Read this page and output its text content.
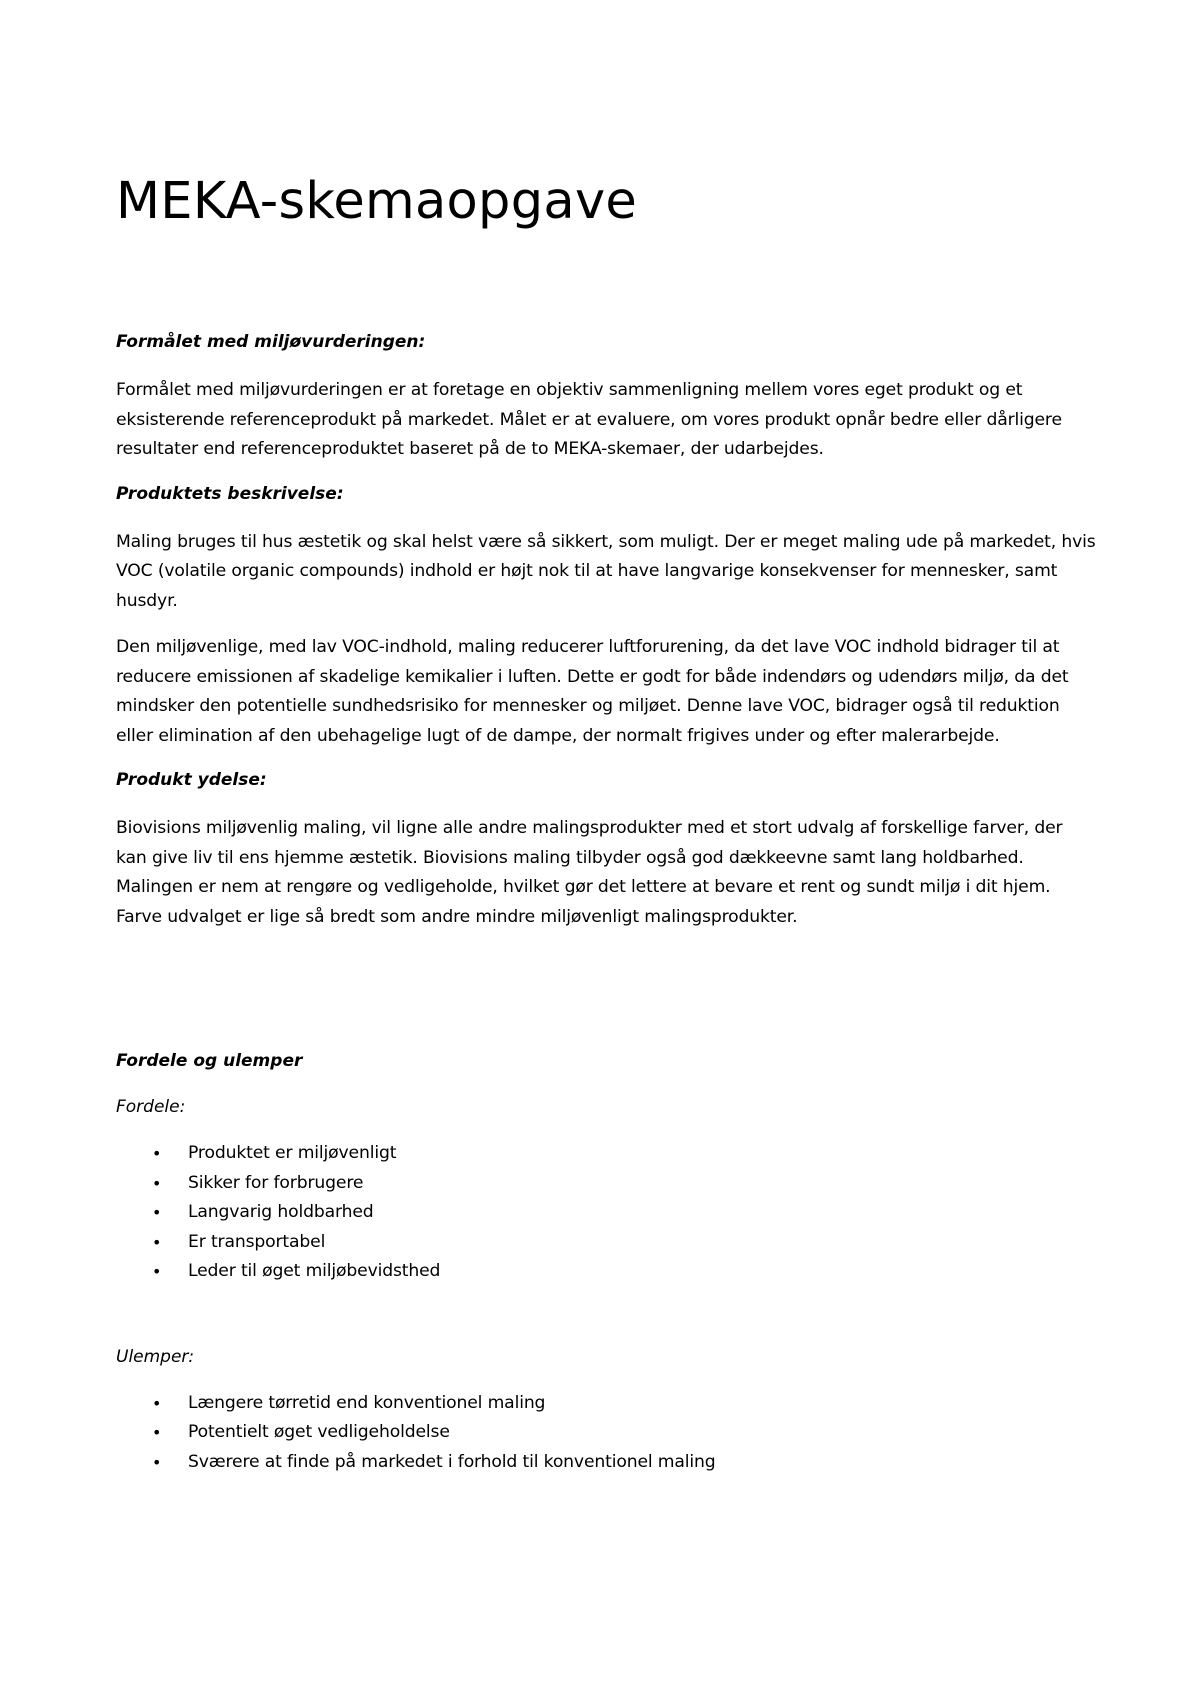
MEKA-skemaopgave
Formålet med miljøvurderingen:

Formålet med miljøvurderingen er at foretage en objektiv sammenligning mellem vores eget produkt og et eksisterende referenceprodukt på markedet. Målet er at evaluere, om vores produkt opnår bedre eller dårligere resultater end referenceproduktet baseret på de to MEKA-skemaer, der udarbejdes.

Produktets beskrivelse:

Maling bruges til hus æstetik og skal helst være så sikkert, som muligt. Der er meget maling ude på markedet, hvis VOC (volatile organic compounds) indhold er højt nok til at have langvarige konsekvenser for mennesker, samt husdyr.

Den miljøvenlige, med lav VOC-indhold, maling reducerer luftforurening, da det lave VOC indhold bidrager til at reducere emissionen af skadelige kemikalier i luften. Dette er godt for både indendørs og udendørs miljø, da det mindsker den potentielle sundhedsrisiko for mennesker og miljøet. Denne lave VOC, bidrager også til reduktion eller elimination af den ubehagelige lugt of de dampe, der normalt frigives under og efter malerarbejde.

Produkt ydelse:

Biovisions miljøvenlig maling, vil ligne alle andre malingsprodukter med et stort udvalg af forskellige farver, der kan give liv til ens hjemme æstetik. Biovisions maling tilbyder også god dækkeevne samt lang holdbarhed. Malingen er nem at rengøre og vedligeholde, hvilket gør det lettere at bevare et rent og sundt miljø i dit hjem. Farve udvalget er lige så bredt som andre mindre miljøvenligt malingsprodukter.

Fordele og ulemper
Fordele:
• Produktet er miljøvenligt
• Sikker for forbrugere
• Langvarig holdbarhed
• Er transportabel
• Leder til øget miljøbevidsthed
Ulemper:
• Længere tørretid end konventionel maling
• Potentielt øget vedligeholdelse
• Sværere at finde på markedet i forhold til konventionel maling
